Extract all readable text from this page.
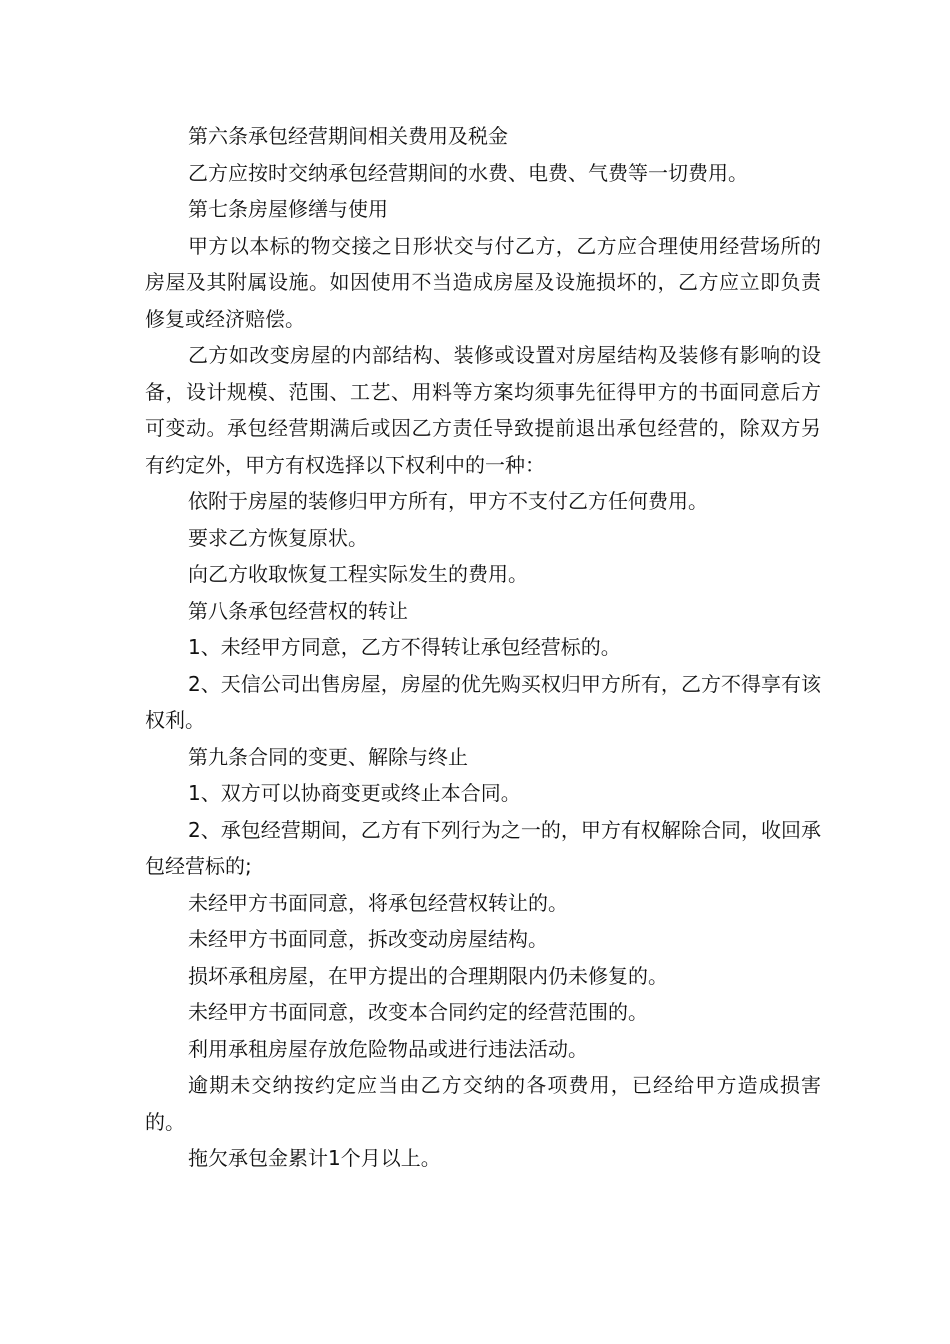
第六条承包经营期间相关费用及税金

乙方应按时交纳承包经营期间的水费、电费、气费等一切费用。

第七条房屋修缮与使用

甲方以本标的物交接之日形状交与付乙方，乙方应合理使用经营场所的房屋及其附属设施。如因使用不当造成房屋及设施损坏的，乙方应立即负责修复或经济赔偿。

乙方如改变房屋的内部结构、装修或设置对房屋结构及装修有影响的设备，设计规模、范围、工艺、用料等方案均须事先征得甲方的书面同意后方可变动。承包经营期满后或因乙方责任导致提前退出承包经营的，除双方另有约定外，甲方有权选择以下权利中的一种：

依附于房屋的装修归甲方所有，甲方不支付乙方任何费用。

要求乙方恢复原状。

向乙方收取恢复工程实际发生的费用。

第八条承包经营权的转让

1、未经甲方同意，乙方不得转让承包经营标的。

2、天信公司出售房屋，房屋的优先购买权归甲方所有，乙方不得享有该权利。

第九条合同的变更、解除与终止

1、双方可以协商变更或终止本合同。

2、承包经营期间，乙方有下列行为之一的，甲方有权解除合同，收回承包经营标的;

未经甲方书面同意，将承包经营权转让的。

未经甲方书面同意，拆改变动房屋结构。

损坏承租房屋，在甲方提出的合理期限内仍未修复的。

未经甲方书面同意，改变本合同约定的经营范围的。

利用承租房屋存放危险物品或进行违法活动。

逾期未交纳按约定应当由乙方交纳的各项费用，已经给甲方造成损害的。

拖欠承包金累计1个月以上。
